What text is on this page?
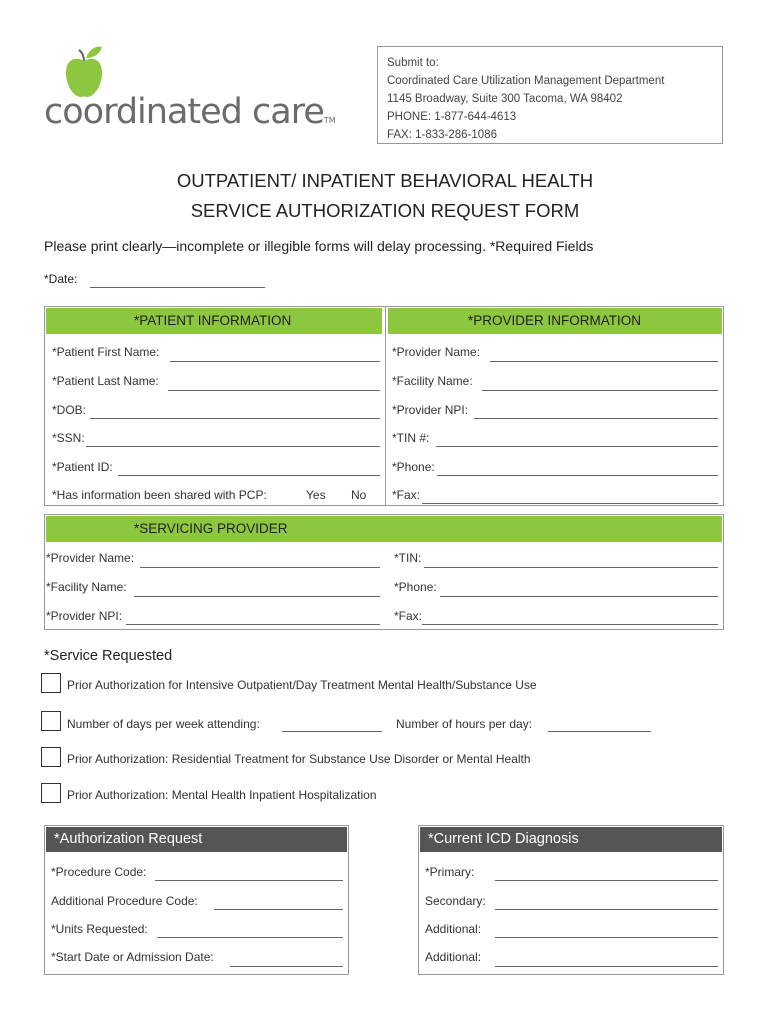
coordinated careTM
Submit to:
Coordinated Care Utilization Management Department
1145 Broadway, Suite 300 Tacoma, WA 98402
PHONE: 1-877-644-4613
FAX: 1-833-286-1086
OUTPATIENT/ INPATIENT BEHAVIORAL HEALTH
SERVICE AUTHORIZATION REQUEST FORM
Please print clearly—incomplete or illegible forms will delay processing. *Required Fields
*Date:
*PATIENT INFORMATION	*PROVIDER INFORMATION
*Patient First Name:
*Patient Last Name:
*DOB:
*SSN:
*Patient ID:
*Has information been shared with PCP:	Yes No
*Provider Name:
*Facility Name:
*Provider NPI:
*TIN #:
*Phone:
*Fax:
*SERVICING PROVIDER
*Provider Name:
*Facility Name:
*Provider NPI:
*TIN:
*Phone:
*Fax:
*Service Requested
Prior Authorization for Intensive Outpatient/Day Treatment Mental Health/Substance Use
Number of days per week attending:	Number of hours per day:
Prior Authorization: Residential Treatment for Substance Use Disorder or Mental Health
Prior Authorization: Mental Health Inpatient Hospitalization
*Authorization Request
*Procedure Code:
Additional Procedure Code:
*Units Requested:
*Start Date or Admission Date:
*Current ICD Diagnosis
*Primary:
Secondary:
Additional:
Additional:
